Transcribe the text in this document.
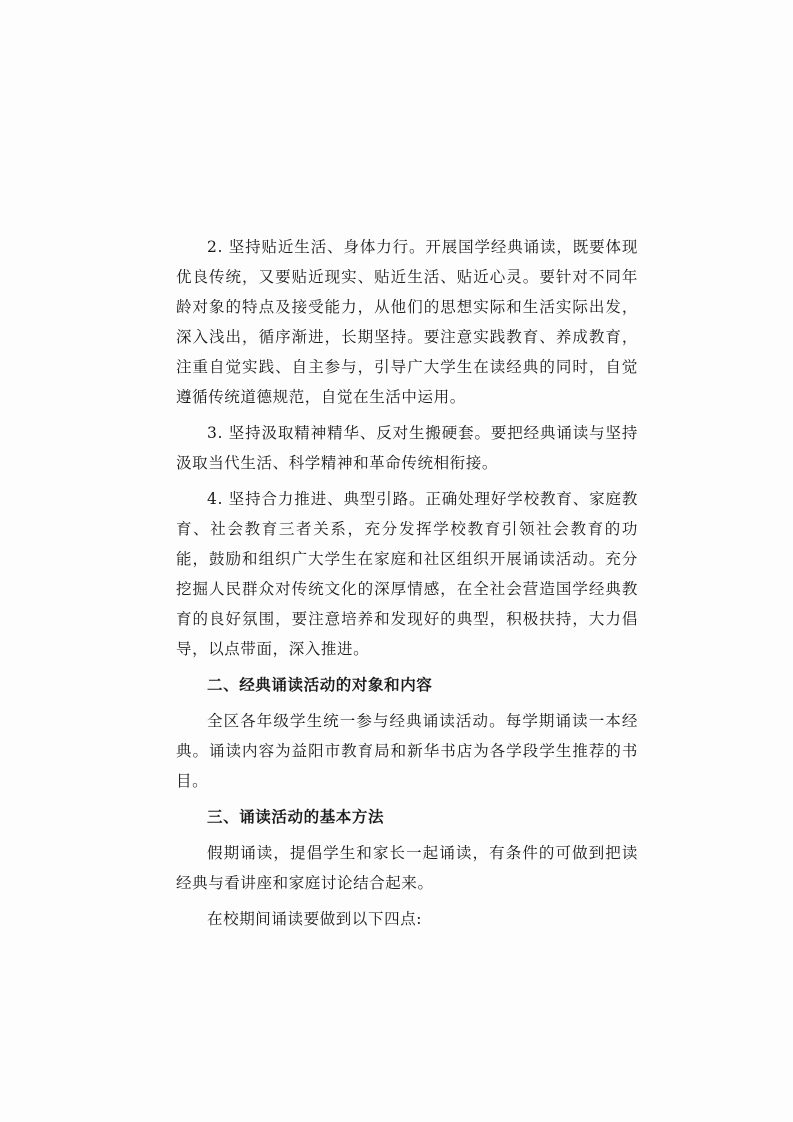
2. 坚持贴近生活、身体力行。开展国学经典诵读，既要体现优良传统，又要贴近现实、贴近生活、贴近心灵。要针对不同年龄对象的特点及接受能力，从他们的思想实际和生活实际出发，深入浅出，循序渐进，长期坚持。要注意实践教育、养成教育，注重自觉实践、自主参与，引导广大学生在读经典的同时，自觉遵循传统道德规范，自觉在生活中运用。

3. 坚持汲取精神精华、反对生搬硬套。要把经典诵读与坚持汲取当代生活、科学精神和革命传统相衔接。

4. 坚持合力推进、典型引路。正确处理好学校教育、家庭教育、社会教育三者关系，充分发挥学校教育引领社会教育的功能，鼓励和组织广大学生在家庭和社区组织开展诵读活动。充分挖掘人民群众对传统文化的深厚情感，在全社会营造国学经典教育的良好氛围，要注意培养和发现好的典型，积极扶持，大力倡导，以点带面，深入推进。

二、经典诵读活动的对象和内容

全区各年级学生统一参与经典诵读活动。每学期诵读一本经典。诵读内容为益阳市教育局和新华书店为各学段学生推荐的书目。

三、诵读活动的基本方法

假期诵读，提倡学生和家长一起诵读，有条件的可做到把读经典与看讲座和家庭讨论结合起来。

在校期间诵读要做到以下四点:
